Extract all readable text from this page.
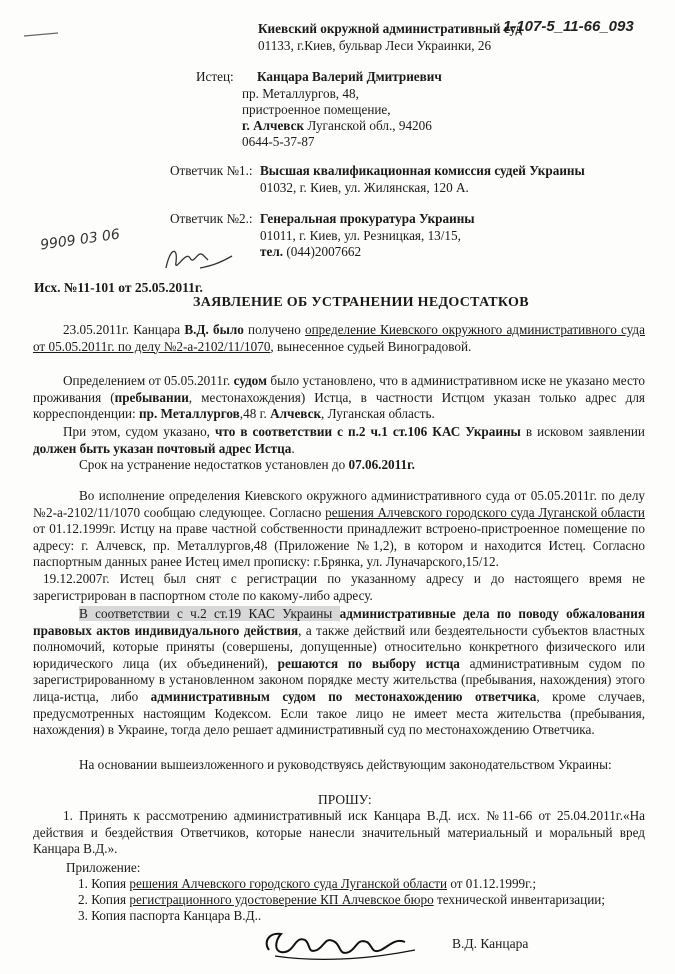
1-107-5_11-66_093
Киевский окружной административный суд
01133, г.Киев, бульвар Леси Украинки, 26
Истец: Канцара Валерий Дмитриевич
пр. Металлургов, 48,
пристроенное помещение,
г. Алчевск Луганской обл., 94206
0644-5-37-87
Ответчик №1.: Высшая квалификационная комиссия судей Украины
01032, г. Киев, ул. Жилянская, 120 А.
Ответчик №2.: Генеральная прокуратура Украины
01011, г. Киев, ул. Резницкая, 13/15,
тел. (044)2007662
9909 03 06
Исх. №11-101 от 25.05.2011г.
ЗАЯВЛЕНИЕ ОБ УСТРАНЕНИИ НЕДОСТАТКОВ
23.05.2011г. Канцара В.Д. было получено определение Киевского окружного административного суда от 05.05.2011г. по делу №2-а-2102/11/1070, вынесенное судьей Виноградовой.
Определением от 05.05.2011г. судом было установлено, что в административном иске не указано место проживания (пребывании, местонахождения) Истца, в частности Истцом указан только адрес для корреспонденции: пр. Металлургов,48 г. Алчевск, Луганская область.
При этом, судом указано, что в соответствии с п.2 ч.1 ст.106 КАС Украины в исковом заявлении должен быть указан почтовый адрес Истца.
Срок на устранение недостатков установлен до 07.06.2011г.
Во исполнение определения Киевского окружного административного суда от 05.05.2011г. по делу №2-а-2102/11/1070 сообщаю следующее. Согласно решения Алчевского городского суда Луганской области от 01.12.1999г. Истцу на праве частной собственности принадлежит встроено-пристроенное помещение по адресу: г. Алчевск, пр. Металлургов,48 (Приложение №1,2), в котором и находится Истец. Согласно паспортным данных ранее Истец имел прописку: г.Брянка, ул. Луначарского,15/12.
19.12.2007г. Истец был снят с регистрации по указанному адресу и до настоящего время не зарегистрирован в паспортном столе по какому-либо адресу.
В соответствии с ч.2 ст.19 КАС Украины административные дела по поводу обжалования правовых актов индивидуального действия, а также действий или бездеятельности субъектов властных полномочий, которые приняты (совершены, допущенные) относительно конкретного физического или юридического лица (их объединений), решаются по выбору истца административным судом по зарегистрированному в установленном законом порядке месту жительства (пребывания, нахождения) этого лица-истца, либо административным судом по местонахождению ответчика, кроме случаев, предусмотренных настоящим Кодексом. Если такое лицо не имеет места жительства (пребывания, нахождения) в Украине, тогда дело решает административный суд по местонахождению Ответчика.
На основании вышеизложенного и руководствуясь действующим законодательством Украины:
ПРОШУ:
1. Принять к рассмотрению административный иск Канцара В.Д. исх. №11-66 от 25.04.2011г.«На действия и бездействия Ответчиков, которые нанесли значительный материальный и моральный вред Канцара В.Д.».
Приложение:
1. Копия решения Алчевского городского суда Луганской области от 01.12.1999г.;
2. Копия регистрационного удостоверение КП Алчевское бюро технической инвентаризации;
3. Копия паспорта Канцара В.Д..
В.Д. Канцара
